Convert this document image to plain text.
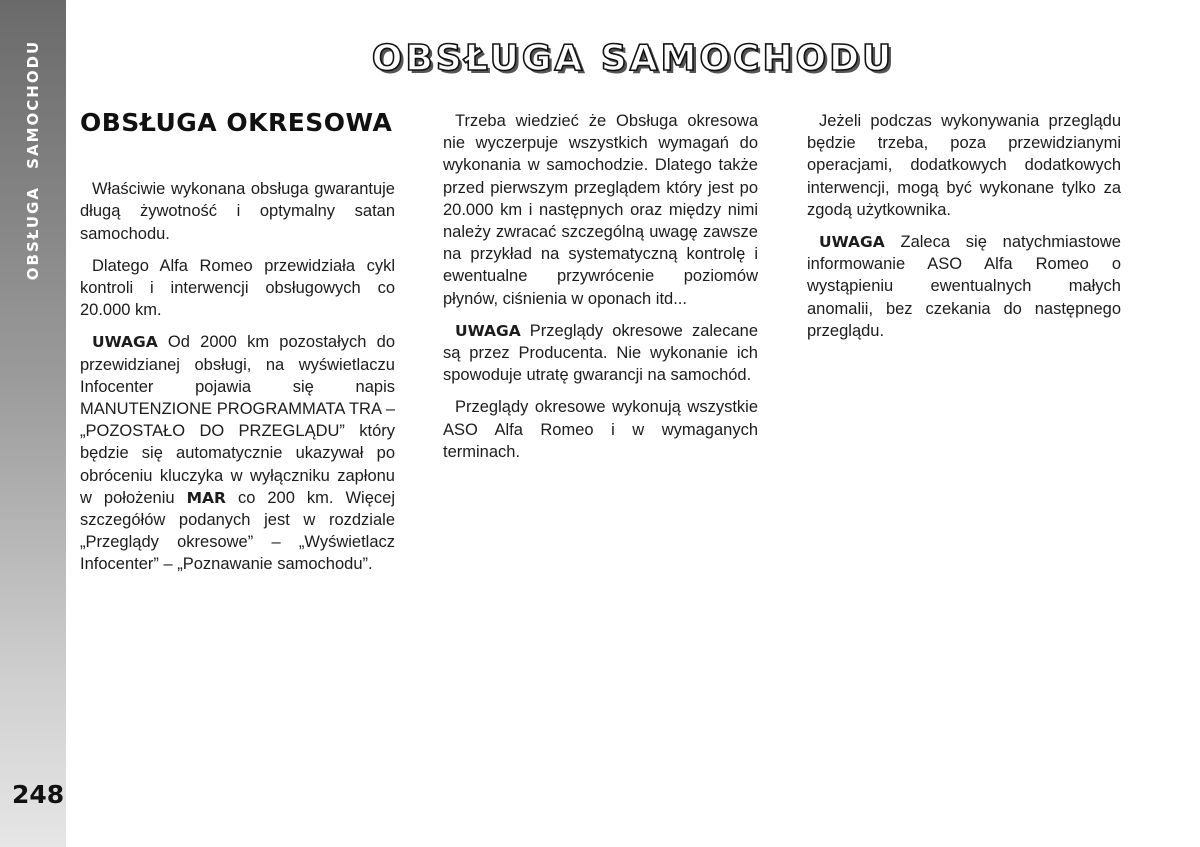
OBSŁUGA SAMOCHODU
248
OBSŁUGA SAMOCHODU
OBSŁUGA OKRESOWA

Właściwie wykonana obsługa gwarantuje długą żywotność i optymalny satan samochodu.

Dlatego Alfa Romeo przewidziała cykl kontroli i interwencji obsługowych co 20.000 km.

UWAGA Od 2000 km pozostałych do przewidzianej obsługi, na wyświetlaczu Infocenter pojawia się napis MANUTENZIONE PROGRAMMATA TRA – „POZOSTAŁO DO PRZEGLĄDU” który będzie się automatycznie ukazywał po obróceniu kluczyka w wyłączniku zapłonu w położeniu MAR co 200 km. Więcej szczegółów podanych jest w rozdziale „Przeglądy okresowe” – „Wyświetlacz Infocenter” – „Poznawanie samochodu”.

Trzeba wiedzieć że Obsługa okresowa nie wyczerpuje wszystkich wymagań do wykonania w samochodzie. Dlatego także przed pierwszym przeglądem który jest po 20.000 km i następnych oraz między nimi należy zwracać szczególną uwagę zawsze na przykład na systematyczną kontrolę i ewentualne przywrócenie poziomów płynów, ciśnienia w oponach itd...

UWAGA Przeglądy okresowe zalecane są przez Producenta. Nie wykonanie ich spowoduje utratę gwarancji na samochód.

Przeglądy okresowe wykonują wszystkie ASO Alfa Romeo i w wymaganych terminach.

Jeżeli podczas wykonywania przeglądu będzie trzeba, poza przewidzianymi operacjami, dodatkowych dodatkowych interwencji, mogą być wykonane tylko za zgodą użytkownika.

UWAGA Zaleca się natychmiastowe informowanie ASO Alfa Romeo o wystąpieniu ewentualnych małych anomalii, bez czekania do następnego przeglądu.
